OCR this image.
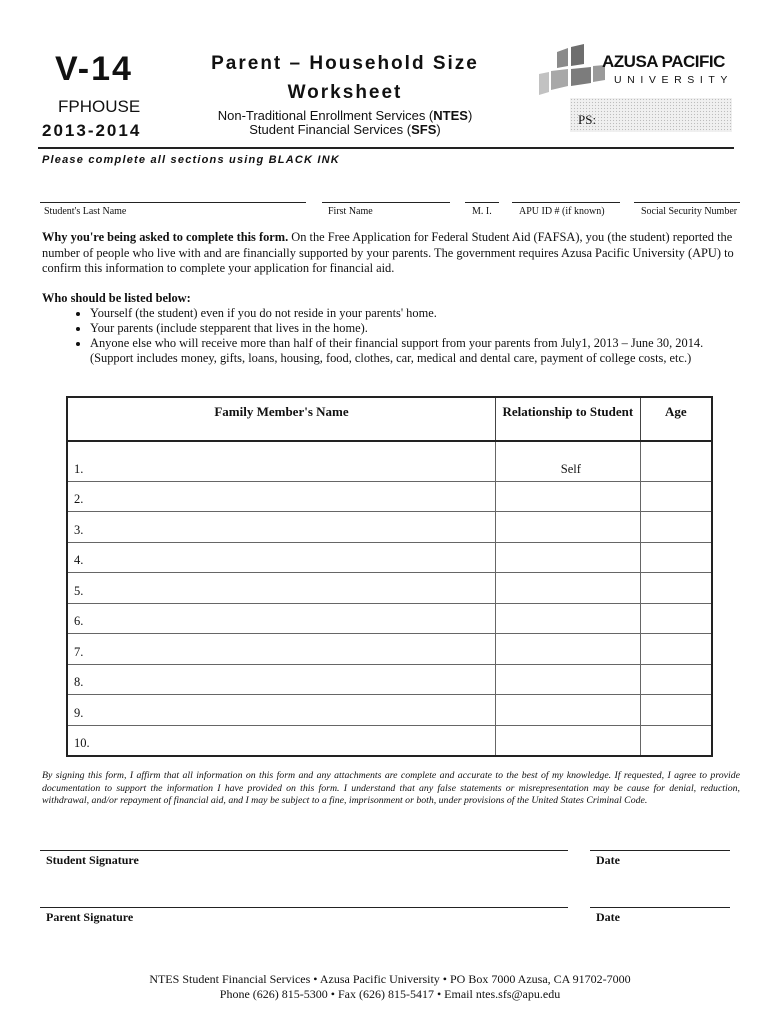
V-14
FPHOUSE
2013-2014
Parent – Household Size
Worksheet
Non-Traditional Enrollment Services (NTES)
Student Financial Services (SFS)
AZUSA PACIFIC
UNIVERSITY
PS:
Please complete all sections using BLACK INK
Student's Last Name	First Name	M. I.	APU ID # (if known)	Social Security Number
Why you're being asked to complete this form. On the Free Application for Federal Student Aid (FAFSA), you (the student) reported the number of people who live with and are financially supported by your parents. The government requires Azusa Pacific University (APU) to confirm this information to complete your application for financial aid.
Who should be listed below:
• Yourself (the student) even if you do not reside in your parents' home.
• Your parents (include stepparent that lives in the home).
• Anyone else who will receive more than half of their financial support from your parents from July1, 2013 – June 30, 2014. (Support includes money, gifts, loans, housing, food, clothes, car, medical and dental care, payment of college costs, etc.)
Family Member's Name	Relationship to Student	Age
1.	Self	
2.		
3.		
4.		
5.		
6.		
7.		
8.		
9.		
10.		
By signing this form, I affirm that all information on this form and any attachments are complete and accurate to the best of my knowledge. If requested, I agree to provide documentation to support the information I have provided on this form. I understand that any false statements or misrepresentation may be cause for denial, reduction, withdrawal, and/or repayment of financial aid, and I may be subject to a fine, imprisonment or both, under provisions of the United States Criminal Code.
Student Signature	Date
Parent Signature	Date
NTES Student Financial Services • Azusa Pacific University • PO Box 7000 Azusa, CA 91702-7000
Phone (626) 815-5300 • Fax (626) 815-5417 • Email ntes.sfs@apu.edu
